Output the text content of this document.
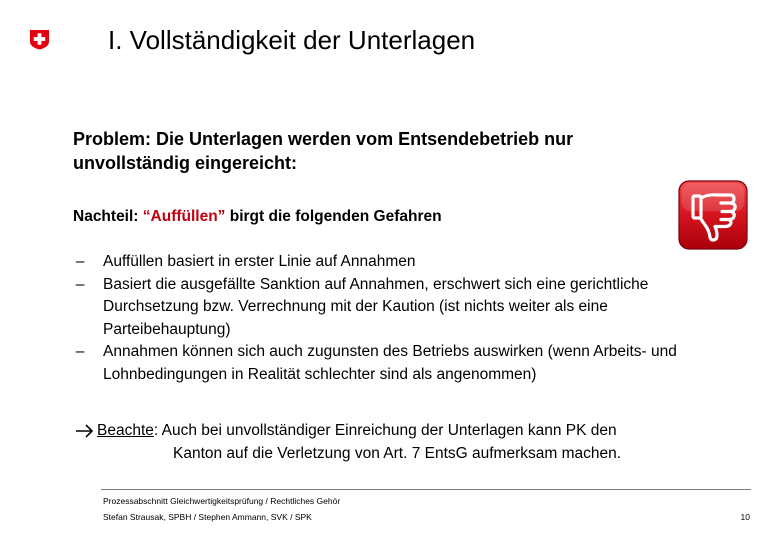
I. Vollständigkeit der Unterlagen
Problem: Die Unterlagen werden vom Entsendebetrieb nur unvollständig eingereicht:
Nachteil: “Auffüllen” birgt die folgenden Gefahren
– Auffüllen basiert in erster Linie auf Annahmen
– Basiert die ausgefällte Sanktion auf Annahmen, erschwert sich eine gerichtliche Durchsetzung bzw. Verrechnung mit der Kaution (ist nichts weiter als eine Parteibehauptung)
– Annahmen können sich auch zugunsten des Betriebs auswirken (wenn Arbeits- und Lohnbedingungen in Realität schlechter sind als angenommen)
Beachte: Auch bei unvollständiger Einreichung der Unterlagen kann PK den
Kanton auf die Verletzung von Art. 7 EntsG aufmerksam machen.
Prozessabschnitt Gleichwertigkeitsprüfung / Rechtliches Gehör
Stefan Strausak, SPBH / Stephen Ammann, SVK / SPK	10
